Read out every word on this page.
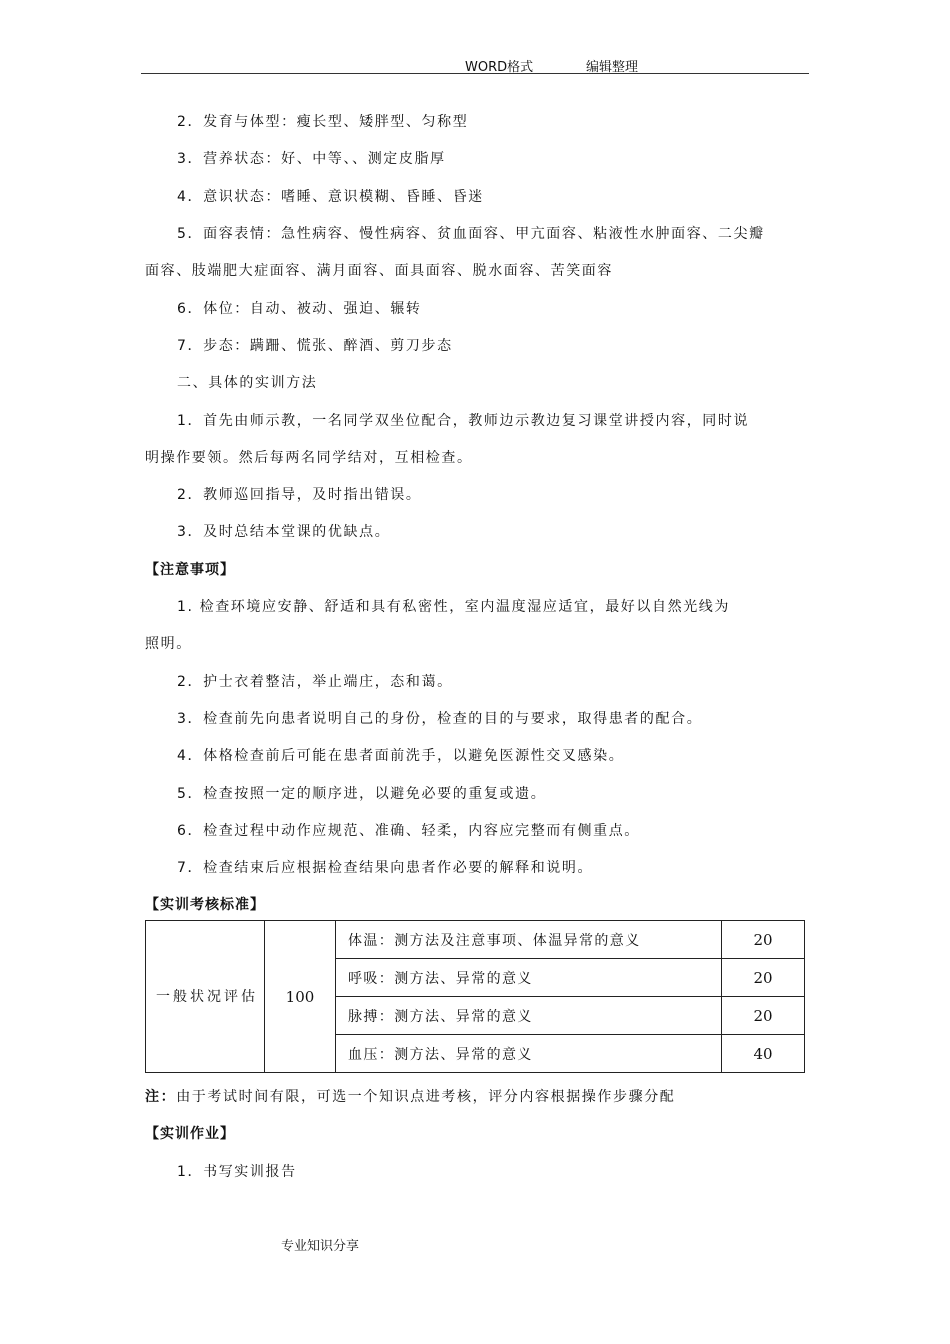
WORD格式	编辑整理
2．发育与体型：瘦长型、矮胖型、匀称型
3．营养状态：好、中等、、测定皮脂厚
4．意识状态：嗜睡、意识模糊、昏睡、昏迷
5．面容表情：急性病容、慢性病容、贫血面容、甲亢面容、粘液性水肿面容、二尖瓣
面容、肢端肥大症面容、满月面容、面具面容、脱水面容、苦笑面容
6．体位：自动、被动、强迫、辗转
7．步态：蹒跚、慌张、醉酒、剪刀步态
二、具体的实训方法
1．首先由师示教，一名同学双坐位配合，教师边示教边复习课堂讲授内容，同时说
明操作要领。然后每两名同学结对，互相检查。
2．教师巡回指导，及时指出错误。
3．及时总结本堂课的优缺点。
【注意事项】
1. 检查环境应安静、舒适和具有私密性，室内温度湿应适宜，最好以自然光线为
照明。
2．护士衣着整洁，举止端庄，态和蔼。
3．检查前先向患者说明自己的身份，检查的目的与要求，取得患者的配合。
4．体格检查前后可能在患者面前洗手，以避免医源性交叉感染。
5．检查按照一定的顺序进，以避免必要的重复或遗。
6．检查过程中动作应规范、准确、轻柔，内容应完整而有侧重点。
7．检查结束后应根据检查结果向患者作必要的解释和说明。
【实训考核标准】
一般状况评估	100	体温：测方法及注意事项、体温异常的意义	20
		呼吸：测方法、异常的意义	20
		脉搏：测方法、异常的意义	20
		血压：测方法、异常的意义	40
注：由于考试时间有限，可选一个知识点进考核，评分内容根据操作步骤分配
【实训作业】
1．书写实训报告
专业知识分享
